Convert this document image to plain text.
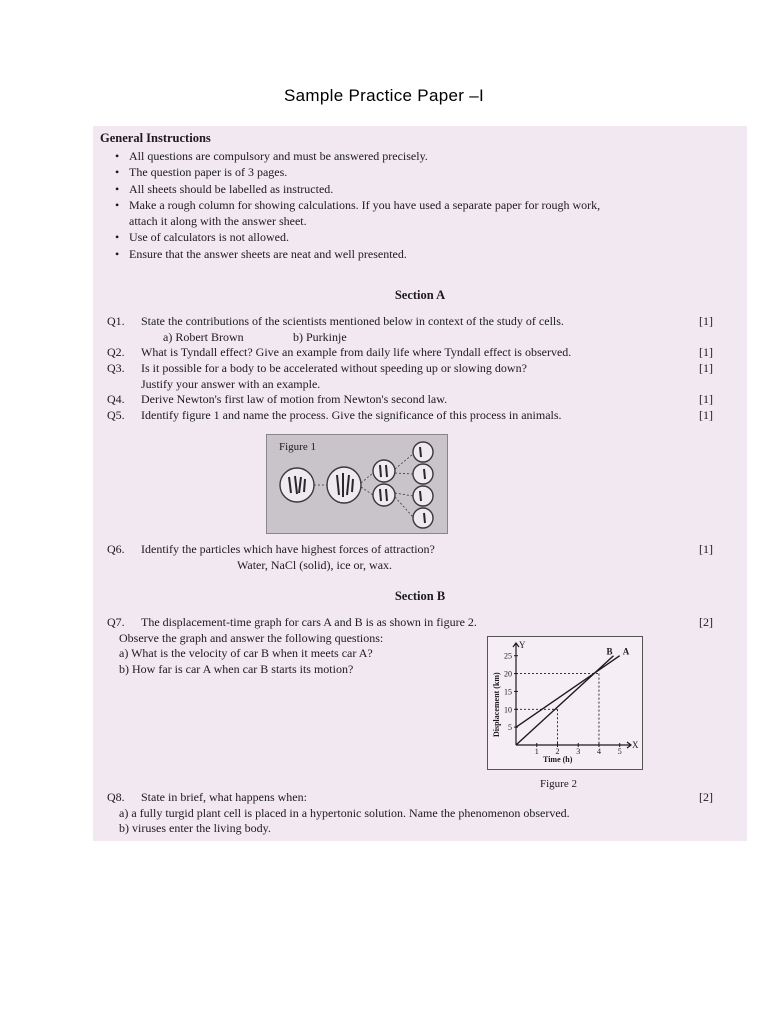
Sample Practice Paper –I
General Instructions
• All questions are compulsory and must be answered precisely.
• The question paper is of 3 pages.
• All sheets should be labelled as instructed.
• Make a rough column for showing calculations. If you have used a separate paper for rough work,
attach it along with the answer sheet.
• Use of calculators is not allowed.
• Ensure that the answer sheets are neat and well presented.
Section A
Q1. State the contributions of the scientists mentioned below in context of the study of cells.	[1]
a) Robert Brown	b) Purkinje
Q2. What is Tyndall effect? Give an example from daily life where Tyndall effect is observed.	[1]
Q3. Is it possible for a body to be accelerated without speeding up or slowing down?	[1]
Justify your answer with an example.
Q4. Derive Newton's first law of motion from Newton's second law.	[1]
Q5. Identify figure 1 and name the process. Give the significance of this process in animals.	[1]
Figure 1
Q6. Identify the particles which have highest forces of attraction?	[1]
Water, NaCl (solid), ice or, wax.
Section B
Q7. The displacement-time graph for cars A and B is as shown in figure 2.	[2]
Observe the graph and answer the following questions:
a) What is the velocity of car B when it meets car A?
b) How far is car A when car B starts its motion?
1 2 3 4 5
5
10
15
20
25	A
B
X
Y
Time (h)
Displacement (km)
Figure 2
Q8. State in brief, what happens when:	[2]
a) a fully turgid plant cell is placed in a hypertonic solution. Name the phenomenon observed.
b) viruses enter the living body.
